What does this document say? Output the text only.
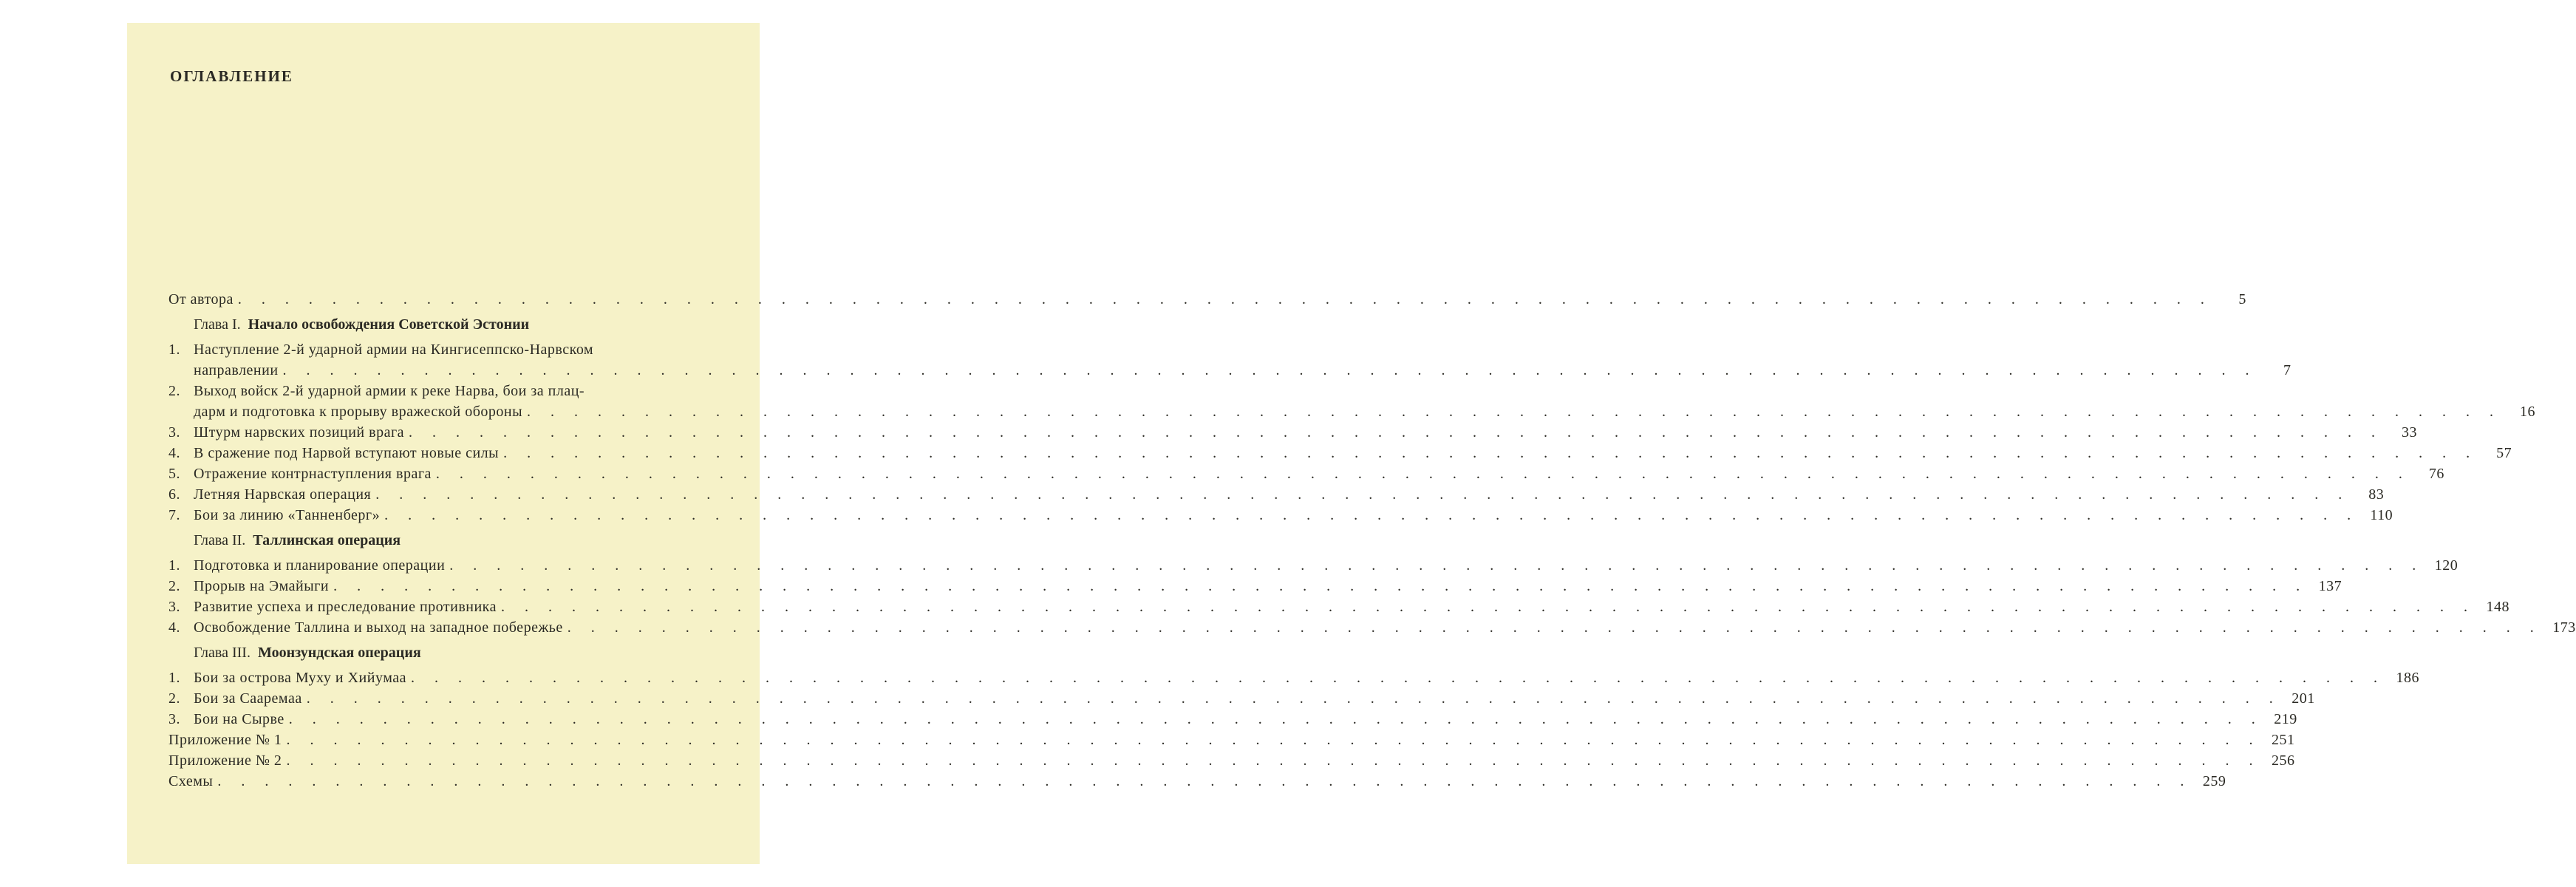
ОГЛАВЛЕНИЕ
От автора . . . . . . . . . . . . . . . . . . . . . . . . . . . . . . . . . . . . . . . . . . . . . . . . . . . . . . . . . . . . . . . . . . . . . . . . . . . . . . . . . . . .	5
Глава I. Начало освобождения Советской Эстонии
1. Наступление 2-й ударной армии на Кингисеппско-Нарвском
направлении . . . . . . . . . . . . . . . . . . . . . . . . . . . . . . . . . . . . . . . . . . . . . . . . . . . . . . . . . . . . . . . . . . . . . . . . . . . . . . . . . . . .	7
2. Выход войск 2-й ударной армии к реке Нарва, бои за плац-
дарм и подготовка к прорыву вражеской обороны . . . . . . . . . . . . . . . . . . . . . . . . . . . . . . . . . . . . . . . . . . . . . . . . . . . . . . . . . . . . . . . . . . . . . . . . . . . . . . . . . . . .	16
3. Штурм нарвских позиций врага . . . . . . . . . . . . . . . . . . . . . . . . . . . . . . . . . . . . . . . . . . . . . . . . . . . . . . . . . . . . . . . . . . . . . . . . . . . . . . . . . . . .	33
4. В сражение под Нарвой вступают новые силы . . . . . . . . . . . . . . . . . . . . . . . . . . . . . . . . . . . . . . . . . . . . . . . . . . . . . . . . . . . . . . . . . . . . . . . . . . . . . . . . . . . .	57
5. Отражение контрнаступления врага . . . . . . . . . . . . . . . . . . . . . . . . . . . . . . . . . . . . . . . . . . . . . . . . . . . . . . . . . . . . . . . . . . . . . . . . . . . . . . . . . . . .	76
6. Летняя Нарвская операция . . . . . . . . . . . . . . . . . . . . . . . . . . . . . . . . . . . . . . . . . . . . . . . . . . . . . . . . . . . . . . . . . . . . . . . . . . . . . . . . . . . .	83
7. Бои за линию «Танненберг» . . . . . . . . . . . . . . . . . . . . . . . . . . . . . . . . . . . . . . . . . . . . . . . . . . . . . . . . . . . . . . . . . . . . . . . . . . . . . . . . . . . . 110
Глава II. Таллинская операция
1. Подготовка и планирование операции . . . . . . . . . . . . . . . . . . . . . . . . . . . . . . . . . . . . . . . . . . . . . . . . . . . . . . . . . . . . . . . . . . . . . . . . . . . . . . . . . . . . 120
2. Прорыв на Эмайыги . . . . . . . . . . . . . . . . . . . . . . . . . . . . . . . . . . . . . . . . . . . . . . . . . . . . . . . . . . . . . . . . . . . . . . . . . . . . . . . . . . . . 137
3. Развитие успеха и преследование противника . . . . . . . . . . . . . . . . . . . . . . . . . . . . . . . . . . . . . . . . . . . . . . . . . . . . . . . . . . . . . . . . . . . . . . . . . . . . . . . . . . . . 148
4. Освобождение Таллина и выход на западное побережье . . . . . . . . . . . . . . . . . . . . . . . . . . . . . . . . . . . . . . . . . . . . . . . . . . . . . . . . . . . . . . . . . . . . . . . . . . . . . . . . . . . . 173
Глава III. Моонзундская операция
1. Бои за острова Муху и Хийумаа . . . . . . . . . . . . . . . . . . . . . . . . . . . . . . . . . . . . . . . . . . . . . . . . . . . . . . . . . . . . . . . . . . . . . . . . . . . . . . . . . . . . 186
2. Бои за Сааремаа . . . . . . . . . . . . . . . . . . . . . . . . . . . . . . . . . . . . . . . . . . . . . . . . . . . . . . . . . . . . . . . . . . . . . . . . . . . . . . . . . . . . 201
3. Бои на Сырве . . . . . . . . . . . . . . . . . . . . . . . . . . . . . . . . . . . . . . . . . . . . . . . . . . . . . . . . . . . . . . . . . . . . . . . . . . . . . . . . . . . . 219
Приложение № 1 . . . . . . . . . . . . . . . . . . . . . . . . . . . . . . . . . . . . . . . . . . . . . . . . . . . . . . . . . . . . . . . . . . . . . . . . . . . . . . . . . . . . 251
Приложение № 2 . . . . . . . . . . . . . . . . . . . . . . . . . . . . . . . . . . . . . . . . . . . . . . . . . . . . . . . . . . . . . . . . . . . . . . . . . . . . . . . . . . . . 256
Схемы . . . . . . . . . . . . . . . . . . . . . . . . . . . . . . . . . . . . . . . . . . . . . . . . . . . . . . . . . . . . . . . . . . . . . . . . . . . . . . . . . . . . 259
